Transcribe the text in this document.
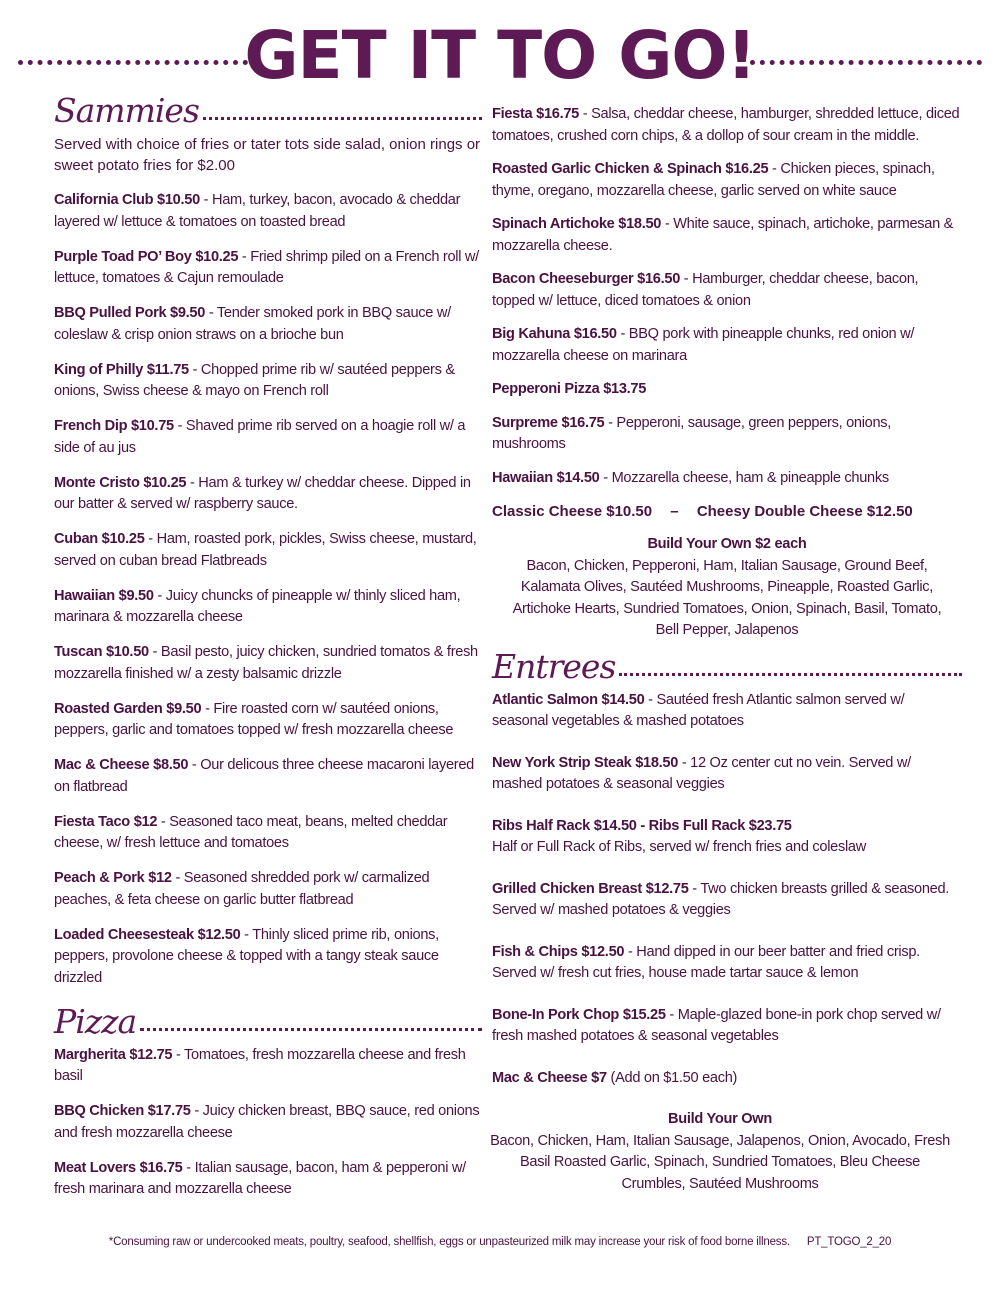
GET IT TO GO!
Sammies
Served with choice of fries or tater tots side salad, onion rings or sweet potato fries for $2.00
California Club $10.50 - Ham, turkey, bacon, avocado & cheddar layered w/ lettuce & tomatoes on toasted bread
Purple Toad PO’ Boy $10.25 - Fried shrimp piled on a French roll w/ lettuce, tomatoes & Cajun remoulade
BBQ Pulled Pork $9.50 - Tender smoked pork in BBQ sauce w/ coleslaw & crisp onion straws on a brioche bun
King of Philly $11.75 - Chopped prime rib w/ sautéed peppers & onions, Swiss cheese & mayo on French roll
French Dip $10.75 - Shaved prime rib served on a hoagie roll w/ a side of au jus
Monte Cristo $10.25 - Ham & turkey w/ cheddar cheese. Dipped in our batter & served w/ raspberry sauce.
Cuban $10.25 - Ham, roasted pork, pickles, Swiss cheese, mustard, served on cuban bread Flatbreads
Hawaiian $9.50 - Juicy chuncks of pineapple w/ thinly sliced ham, marinara & mozzarella cheese
Tuscan $10.50 - Basil pesto, juicy chicken, sundried tomatos & fresh mozzarella finished w/ a zesty balsamic drizzle
Roasted Garden $9.50 - Fire roasted corn w/ sautéed onions, peppers, garlic and tomatoes topped w/ fresh mozzarella cheese
Mac & Cheese $8.50 - Our delicous three cheese macaroni layered on flatbread
Fiesta Taco $12 - Seasoned taco meat, beans, melted cheddar cheese, w/ fresh lettuce and tomatoes
Peach & Pork $12 - Seasoned shredded pork w/ carmalized peaches, & feta cheese on garlic butter flatbread
Loaded Cheesesteak $12.50 - Thinly sliced prime rib, onions, peppers, provolone cheese & topped with a tangy steak sauce drizzled
Pizza
Margherita $12.75 - Tomatoes, fresh mozzarella cheese and fresh basil
BBQ Chicken $17.75 - Juicy chicken breast, BBQ sauce, red onions and fresh mozzarella cheese
Meat Lovers $16.75 - Italian sausage, bacon, ham & pepperoni w/ fresh marinara and mozzarella cheese
Fiesta $16.75 - Salsa, cheddar cheese, hamburger, shredded lettuce, diced tomatoes, crushed corn chips, & a dollop of sour cream in the middle.
Roasted Garlic Chicken & Spinach $16.25 - Chicken pieces, spinach, thyme, oregano, mozzarella cheese, garlic served on white sauce
Spinach Artichoke $18.50 - White sauce, spinach, artichoke, parmesan & mozzarella cheese.
Bacon Cheeseburger $16.50 - Hamburger, cheddar cheese, bacon, topped w/ lettuce, diced tomatoes & onion
Big Kahuna $16.50 - BBQ pork with pineapple chunks, red onion w/ mozzarella cheese on marinara
Pepperoni Pizza $13.75
Surpreme $16.75 - Pepperoni, sausage, green peppers, onions, mushrooms
Hawaiian $14.50 - Mozzarella cheese, ham & pineapple chunks
Classic Cheese $10.50 – Cheesy Double Cheese $12.50
Build Your Own $2 each
Bacon, Chicken, Pepperoni, Ham, Italian Sausage, Ground Beef, Kalamata Olives, Sautéed Mushrooms, Pineapple, Roasted Garlic, Artichoke Hearts, Sundried Tomatoes, Onion, Spinach, Basil, Tomato, Bell Pepper, Jalapenos
Entrees
Atlantic Salmon $14.50 - Sautéed fresh Atlantic salmon served w/ seasonal vegetables & mashed potatoes
New York Strip Steak $18.50 - 12 Oz center cut no vein. Served w/ mashed potatoes & seasonal veggies
Ribs Half Rack $14.50 - Ribs Full Rack $23.75
Half or Full Rack of Ribs, served w/ french fries and coleslaw
Grilled Chicken Breast $12.75 - Two chicken breasts grilled & seasoned. Served w/ mashed potatoes & veggies
Fish & Chips $12.50 - Hand dipped in our beer batter and fried crisp. Served w/ fresh cut fries, house made tartar sauce & lemon
Bone-In Pork Chop $15.25 - Maple-glazed bone-in pork chop served w/ fresh mashed potatoes & seasonal vegetables
Mac & Cheese $7 (Add on $1.50 each)
Build Your Own
Bacon, Chicken, Ham, Italian Sausage, Jalapenos, Onion, Avocado, Fresh Basil Roasted Garlic, Spinach, Sundried Tomatoes, Bleu Cheese Crumbles, Sautéed Mushrooms
*Consuming raw or undercooked meats, poultry, seafood, shellfish, eggs or unpasteurized milk may increase your risk of food borne illness. PT_TOGO_2_20
